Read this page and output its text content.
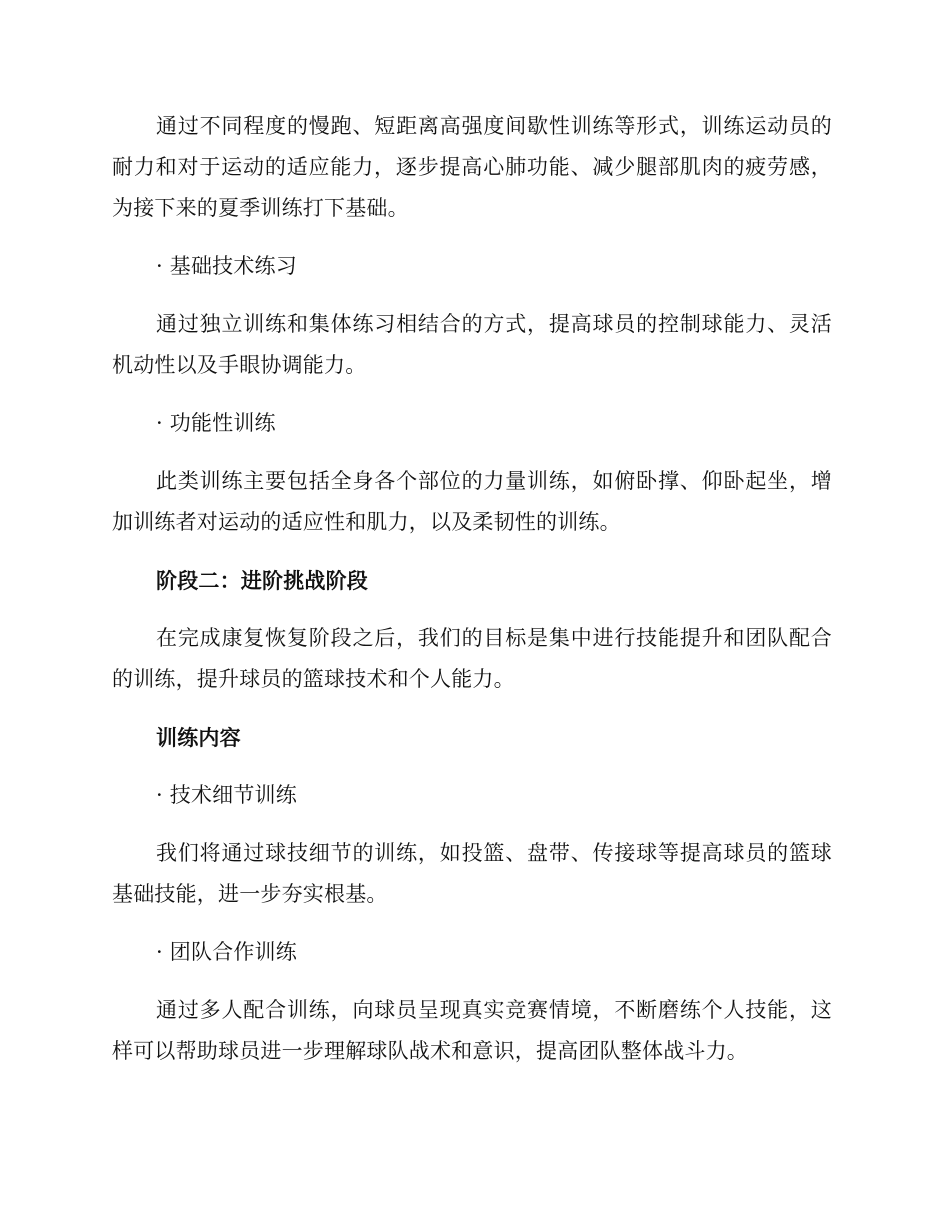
通过不同程度的慢跑、短距离高强度间歇性训练等形式，训练运动员的耐力和对于运动的适应能力，逐步提高心肺功能、减少腿部肌肉的疲劳感，为接下来的夏季训练打下基础。

· 基础技术练习

通过独立训练和集体练习相结合的方式，提高球员的控制球能力、灵活机动性以及手眼协调能力。

· 功能性训练

此类训练主要包括全身各个部位的力量训练，如俯卧撑、仰卧起坐，增加训练者对运动的适应性和肌力，以及柔韧性的训练。

阶段二：进阶挑战阶段

在完成康复恢复阶段之后，我们的目标是集中进行技能提升和团队配合的训练，提升球员的篮球技术和个人能力。

训练内容

· 技术细节训练

我们将通过球技细节的训练，如投篮、盘带、传接球等提高球员的篮球基础技能，进一步夯实根基。

· 团队合作训练

通过多人配合训练，向球员呈现真实竞赛情境，不断磨练个人技能，这样可以帮助球员进一步理解球队战术和意识，提高团队整体战斗力。
